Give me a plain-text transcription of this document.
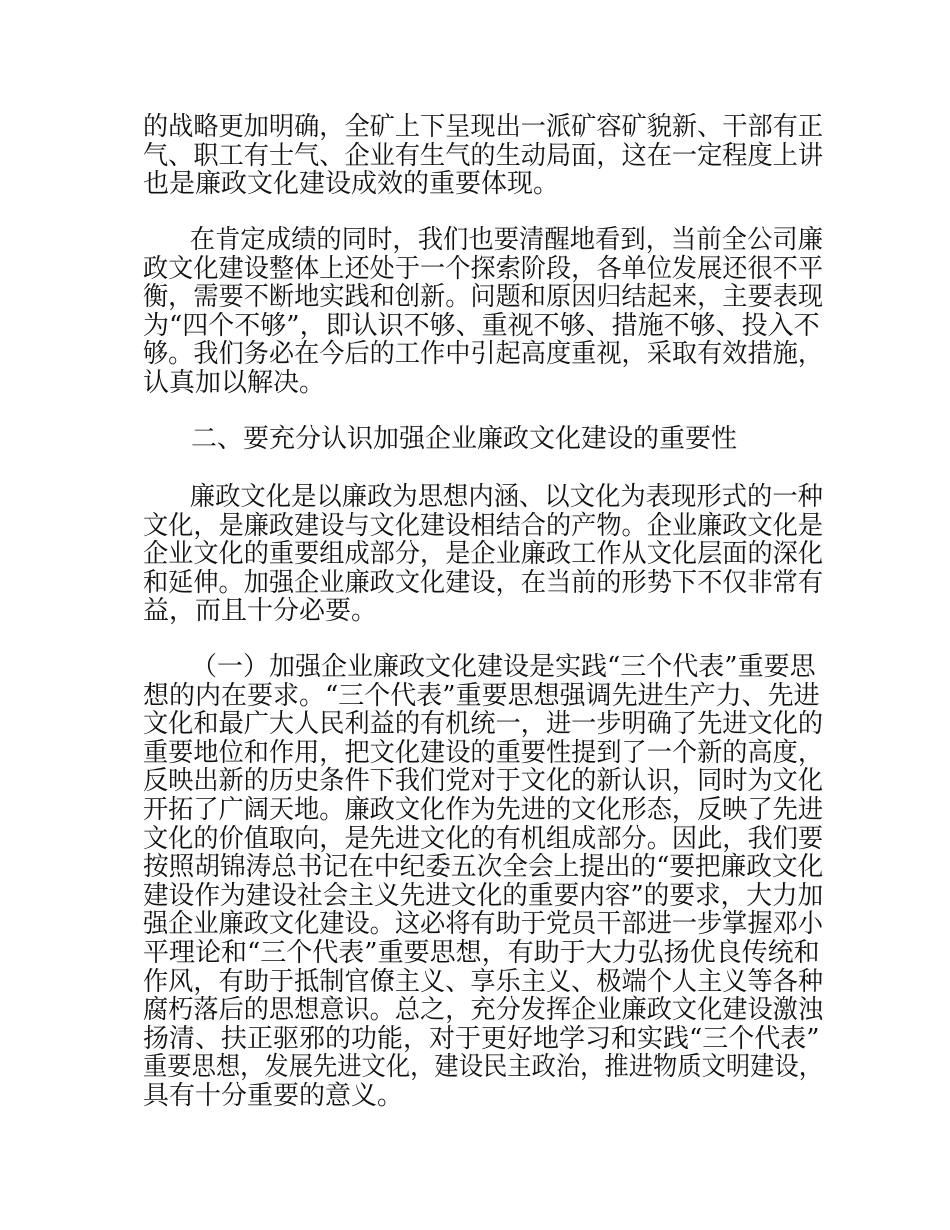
的战略更加明确，全矿上下呈现出一派矿容矿貌新、干部有正
气、职工有士气、企业有生气的生动局面，这在一定程度上讲
也是廉政文化建设成效的重要体现。
在肯定成绩的同时，我们也要清醒地看到，当前全公司廉
政文化建设整体上还处于一个探索阶段，各单位发展还很不平
衡，需要不断地实践和创新。问题和原因归结起来，主要表现
为“四个不够”，即认识不够、重视不够、措施不够、投入不
够。我们务必在今后的工作中引起高度重视，采取有效措施，
认真加以解决。
二、要充分认识加强企业廉政文化建设的重要性
廉政文化是以廉政为思想内涵、以文化为表现形式的一种
文化，是廉政建设与文化建设相结合的产物。企业廉政文化是
企业文化的重要组成部分，是企业廉政工作从文化层面的深化
和延伸。加强企业廉政文化建设，在当前的形势下不仅非常有
益，而且十分必要。
（一）加强企业廉政文化建设是实践“三个代表”重要思
想的内在要求。“三个代表”重要思想强调先进生产力、先进
文化和最广大人民利益的有机统一，进一步明确了先进文化的
重要地位和作用，把文化建设的重要性提到了一个新的高度，
反映出新的历史条件下我们党对于文化的新认识，同时为文化
开拓了广阔天地。廉政文化作为先进的文化形态，反映了先进
文化的价值取向，是先进文化的有机组成部分。因此，我们要
按照胡锦涛总书记在中纪委五次全会上提出的“要把廉政文化
建设作为建设社会主义先进文化的重要内容”的要求，大力加
强企业廉政文化建设。这必将有助于党员干部进一步掌握邓小
平理论和“三个代表”重要思想，有助于大力弘扬优良传统和
作风，有助于抵制官僚主义、享乐主义、极端个人主义等各种
腐朽落后的思想意识。总之，充分发挥企业廉政文化建设激浊
扬清、扶正驱邪的功能，对于更好地学习和实践“三个代表”
重要思想，发展先进文化，建设民主政治，推进物质文明建设，
具有十分重要的意义。
